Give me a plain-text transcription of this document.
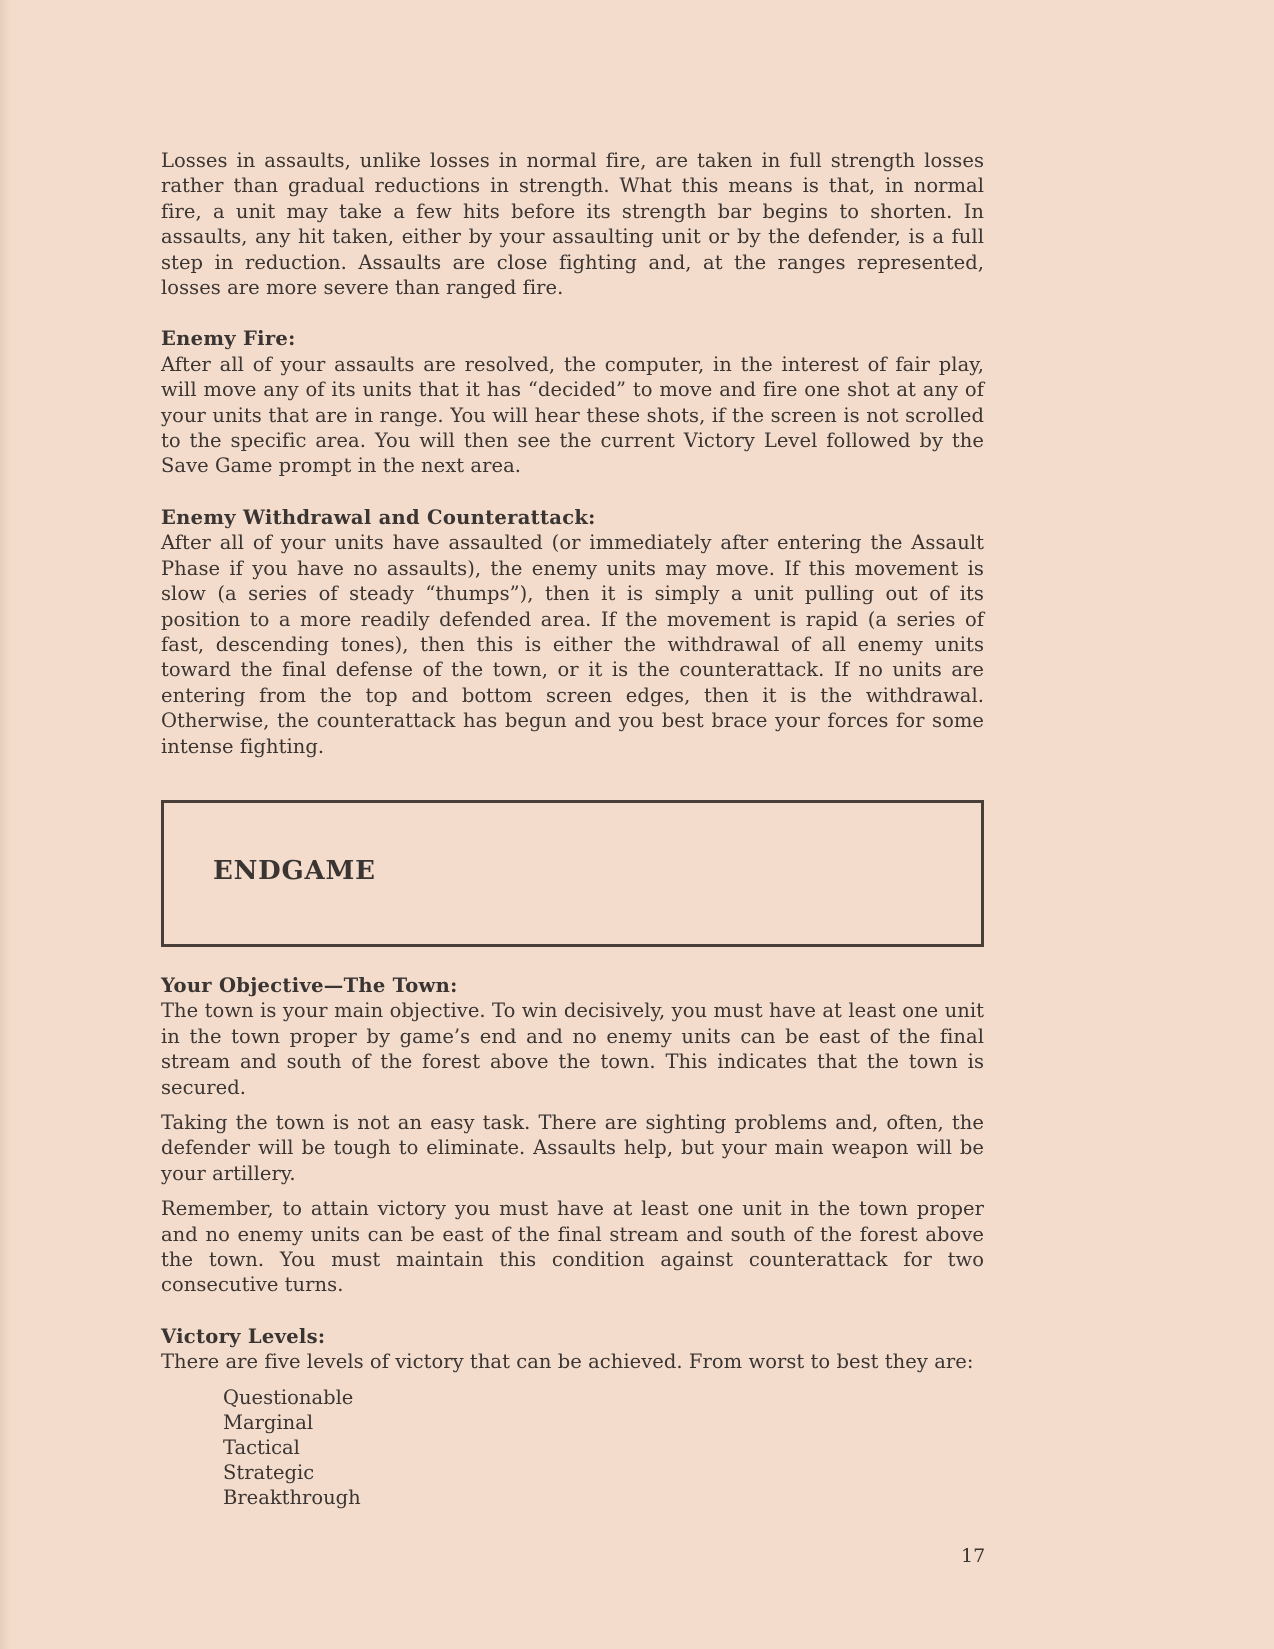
Losses in assaults, unlike losses in normal fire, are taken in full strength losses rather than gradual reductions in strength. What this means is that, in normal fire, a unit may take a few hits before its strength bar begins to shorten. In assaults, any hit taken, either by your assaulting unit or by the defender, is a full step in reduction. Assaults are close fighting and, at the ranges represented, losses are more severe than ranged fire.

Enemy Fire:

After all of your assaults are resolved, the computer, in the interest of fair play, will move any of its units that it has “decided” to move and fire one shot at any of your units that are in range. You will hear these shots, if the screen is not scrolled to the specific area. You will then see the current Victory Level followed by the Save Game prompt in the next area.

Enemy Withdrawal and Counterattack:

After all of your units have assaulted (or immediately after entering the Assault Phase if you have no assaults), the enemy units may move. If this movement is slow (a series of steady “thumps”), then it is simply a unit pulling out of its position to a more readily defended area. If the movement is rapid (a series of fast, descending tones), then this is either the withdrawal of all enemy units toward the final defense of the town, or it is the counterattack. If no units are entering from the top and bottom screen edges, then it is the withdrawal. Otherwise, the counterattack has begun and you best brace your forces for some intense fighting.

ENDGAME
Your Objective—The Town:

The town is your main objective. To win decisively, you must have at least one unit in the town proper by game’s end and no enemy units can be east of the final stream and south of the forest above the town. This indicates that the town is secured.

Taking the town is not an easy task. There are sighting problems and, often, the defender will be tough to eliminate. Assaults help, but your main weapon will be your artillery.

Remember, to attain victory you must have at least one unit in the town proper and no enemy units can be east of the final stream and south of the forest above the town. You must maintain this condition against counterattack for two consecutive turns.

Victory Levels:

There are five levels of victory that can be achieved. From worst to best they are:

Questionable
Marginal
Tactical
Strategic
Breakthrough
17
